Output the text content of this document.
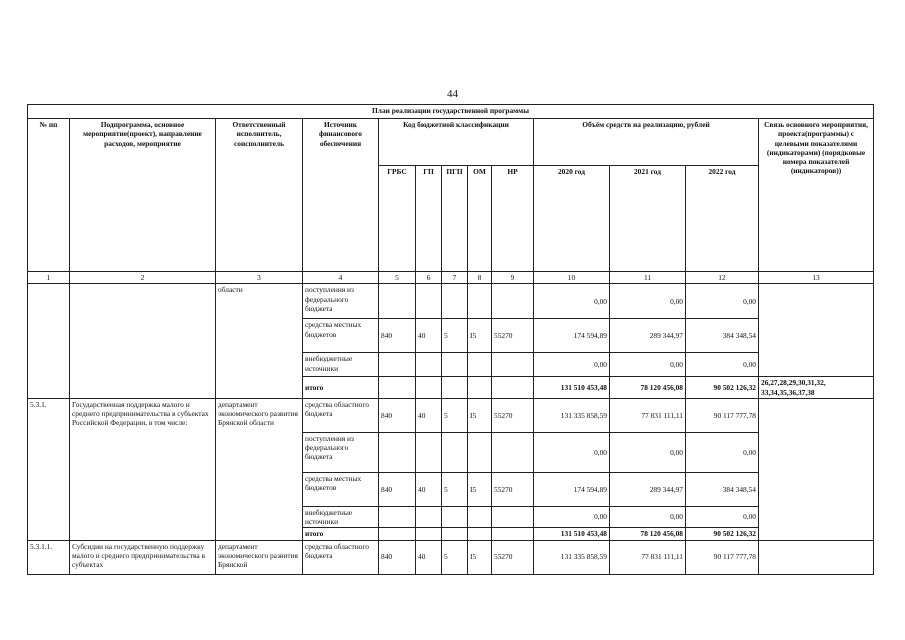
44
План реализации государственной программы												
№ пп	Подпрограмма, основное мероприятие(проект), направление расходов, мероприятие	Ответственный исполнитель, соисполнитель	Источник финансового обеспечения	Код бюджетной классификации					Объём средств на реализацию, рублей			Связь основного мероприятия, проекта(программы) с целевыми показателями (индикаторами) (порядковые номера показателей (индикаторов))
				ГРБС	ГП	ПГП	ОМ	НР	2020 год	2021 год	2022 год	
1	2	3	4	5	6	7	8	9	10	11	12	13
		области	поступления из федерального бюджета						0,00	0,00	0,00	
			средства местных бюджетов	840	40	5	I5	55270	174 594,89	289 344,97	384 348,54	
			внебюджетные источники						0,00	0,00	0,00	
			итого						131 510 453,48	78 120 456,08	90 502 126,32	26,27,28,29,30,31,32, 33,34,35,36,37,38
5.3.1.	Государственная поддержка малого и среднего предпринимательства в субъектах Российской Федерации, в том числе:	департамент экономического развития Брянской области	средства областного бюджета	840	40	5	I5	55270	131 335 858,59	77 831 111,11	90 117 777,78	
			поступления из федерального бюджета						0,00	0,00	0,00	
			средства местных бюджетов	840	40	5	I5	55270	174 594,89	289 344,97	384 348,54	
			внебюджетные источники						0,00	0,00	0,00	
			итого						131 510 453,48	78 120 456,08	90 502 126,32	
5.3.1.1.	Субсидии на государственную поддержку малого и среднего предпринимательства в субъектах	департамент экономического развития Брянской	средства областного бюджета	840	40	5	I5	55270	131 335 858,59	77 831 111,11	90 117 777,78	
